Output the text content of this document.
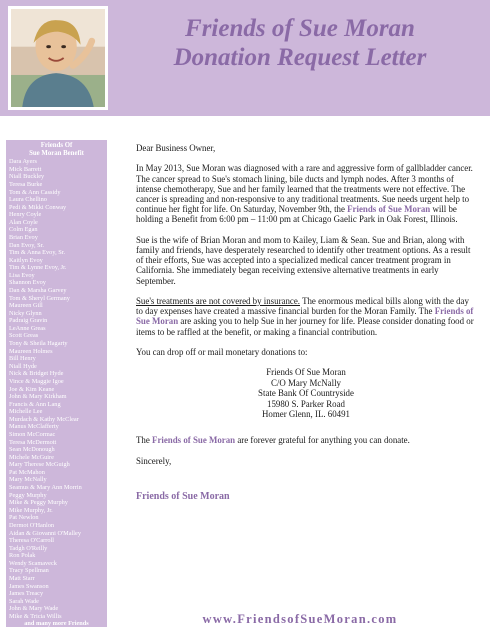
Friends of Sue Moran
Donation Request Letter
Friends Of
Sue Moran Benefit
Dara Ayers
Mick Barrett
Niall Buckley
Teresa Burke
Tom & Ann Cassidy
Laura Chellino
Pedi & Mikki Conway
Henry Coyle
Alan Coyle
Colm Egan
Brian Evoy
Dan Evoy, Sr.
Tim & Anna Evoy, Sr.
Kaitlyn Evoy
Tim & Lynne Evoy, Jr.
Lisa Evoy
Shannon Evoy
Dan & Marsha Garvey
Tom & Sheryl Germany
Maureen Gill
Nicky Glynn
Padraig Gravin
LeAnne Greas
Scott Greas
Tony & Sheila Hagarty
Maureen Holmes
Bill Henry
Niall Hyde
Nick & Bridget Hyde
Vince & Maggie Igoe
Joe & Kim Keane
John & Mary Kirkham
Francis & Ann Lang
Michelle Lee
Murdach & Kathy McClear
Manus McClafferty
Simon McCormac
Teresa McDermott
Sean McDonough
Michele McGuire
Mary Therese McGuigh
Pat McMahon
Mary McNally
Seamus & Mary Ann Morrin
Peggy Murphy
Mike & Peggy Murphy
Mike Murphy, Jr.
Pat Newlon
Dermot O'Hanlon
Aidan & Giovanni O'Malley
Theresa O'Carroll
Tadgh O'Reilly
Ron Polak
Wendy Scamaveck
Tracy Spellman
Matt Starr
James Swanson
James Treacy
Sarah Wade
John & Mary Wade
Mike & Tricia Willis
and many more Friends

Dear Business Owner,

In May 2013, Sue Moran was diagnosed with a rare and aggressive form of gallbladder cancer. The cancer spread to Sue's stomach lining, bile ducts and lymph nodes. After 3 months of intense chemotherapy, Sue and her family learned that the treatments were not effective. The cancer is spreading and non-responsive to any traditional treatments. Sue needs urgent help to continue her fight for life. On Saturday, November 9th, the Friends of Sue Moran will be holding a Benefit from 6:00 pm – 11:00 pm at Chicago Gaelic Park in Oak Forest, Illinois.

Sue is the wife of Brian Moran and mom to Kailey, Liam & Sean. Sue and Brian, along with family and friends, have desperately researched to identify other treatment options. As a result of their efforts, Sue was accepted into a specialized medical cancer treatment program in California. She immediately began receiving extensive alternative treatments in early September.

Sue's treatments are not covered by insurance. The enormous medical bills along with the day to day expenses have created a massive financial burden for the Moran Family. The Friends of Sue Moran are asking you to help Sue in her journey for life. Please consider donating food or items to be raffled at the benefit, or making a financial contribution.

You can drop off or mail monetary donations to:

Friends Of Sue Moran
C/O Mary McNally
State Bank Of Countryside
15980 S. Parker Road
Homer Glenn, IL. 60491

The Friends of Sue Moran are forever grateful for anything you can donate.

Sincerely,

Friends of Sue Moran
www.FriendsofSueMoran.com
